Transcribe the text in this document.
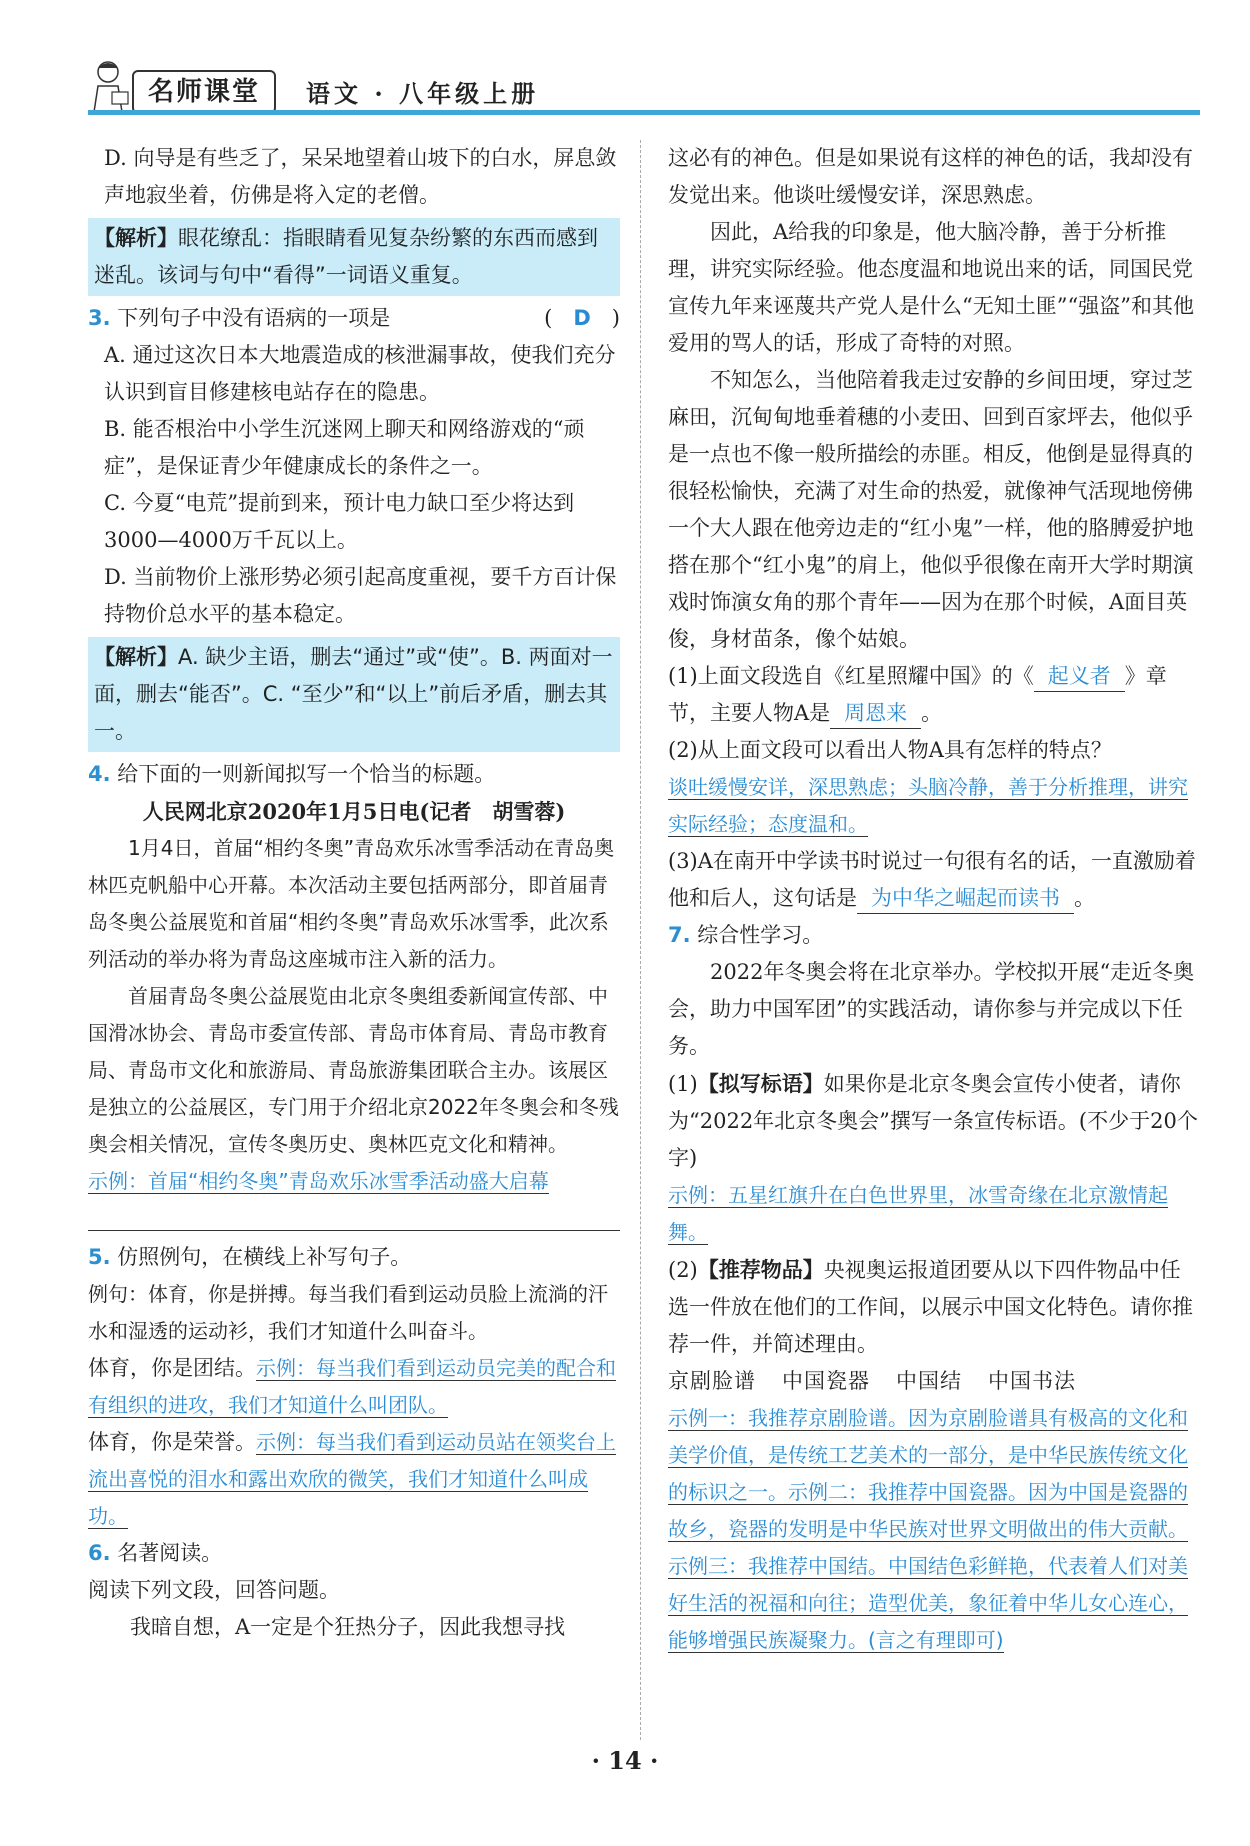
名师课堂	语文 · 八年级上册

D. 向导是有些乏了，呆呆地望着山坡下的白水，屏息敛声地寂坐着，仿佛是将入定的老僧。

【解析】眼花缭乱：指眼睛看见复杂纷繁的东西而感到迷乱。该词与句中“看得”一词语义重复。

3. 下列句子中没有语病的一项是	(　D　)

A. 通过这次日本大地震造成的核泄漏事故，使我们充分认识到盲目修建核电站存在的隐患。

B. 能否根治中小学生沉迷网上聊天和网络游戏的“顽症”，是保证青少年健康成长的条件之一。

C. 今夏“电荒”提前到来，预计电力缺口至少将达到3000—4000万千瓦以上。

D. 当前物价上涨形势必须引起高度重视，要千方百计保持物价总水平的基本稳定。

【解析】A. 缺少主语，删去“通过”或“使”。B. 两面对一面，删去“能否”。C. “至少”和“以上”前后矛盾，删去其一。

4. 给下面的一则新闻拟写一个恰当的标题。

人民网北京2020年1月5日电(记者　胡雪蓉)

1月4日，首届“相约冬奥”青岛欢乐冰雪季活动在青岛奥林匹克帆船中心开幕。本次活动主要包括两部分，即首届青岛冬奥公益展览和首届“相约冬奥”青岛欢乐冰雪季，此次系列活动的举办将为青岛这座城市注入新的活力。

首届青岛冬奥公益展览由北京冬奥组委新闻宣传部、中国滑冰协会、青岛市委宣传部、青岛市体育局、青岛市教育局、青岛市文化和旅游局、青岛旅游集团联合主办。该展区是独立的公益展区，专门用于介绍北京2022年冬奥会和冬残奥会相关情况，宣传冬奥历史、奥林匹克文化和精神。

示例：首届“相约冬奥”青岛欢乐冰雪季活动盛大启幕

5. 仿照例句，在横线上补写句子。

例句：体育，你是拼搏。每当我们看到运动员脸上流淌的汗水和湿透的运动衫，我们才知道什么叫奋斗。

体育，你是团结。示例：每当我们看到运动员完美的配合和有组织的进攻，我们才知道什么叫团队。

体育，你是荣誉。示例：每当我们看到运动员站在领奖台上流出喜悦的泪水和露出欢欣的微笑，我们才知道什么叫成功。

6. 名著阅读。

阅读下列文段，回答问题。

我暗自想，A一定是个狂热分子，因此我想寻找

这必有的神色。但是如果说有这样的神色的话，我却没有发觉出来。他谈吐缓慢安详，深思熟虑。

因此，A给我的印象是，他大脑冷静，善于分析推理，讲究实际经验。他态度温和地说出来的话，同国民党宣传九年来诬蔑共产党人是什么“无知土匪”“强盗”和其他爱用的骂人的话，形成了奇特的对照。

不知怎么，当他陪着我走过安静的乡间田埂，穿过芝麻田，沉甸甸地垂着穗的小麦田、回到百家坪去，他似乎是一点也不像一般所描绘的赤匪。相反，他倒是显得真的很轻松愉快，充满了对生命的热爱，就像神气活现地傍佛一个大人跟在他旁边走的“红小鬼”一样，他的胳膊爱护地搭在那个“红小鬼”的肩上，他似乎很像在南开大学时期演戏时饰演女角的那个青年——因为在那个时候，A面目英俊，身材苗条，像个姑娘。

(1)上面文段选自《红星照耀中国》的《 起义者 》章节，主要人物A是 周恩来 。

(2)从上面文段可以看出人物A具有怎样的特点？

谈吐缓慢安详，深思熟虑；头脑冷静，善于分析推理，讲究实际经验；态度温和。

(3)A在南开中学读书时说过一句很有名的话，一直激励着他和后人，这句话是 为中华之崛起而读书 。

7. 综合性学习。

2022年冬奥会将在北京举办。学校拟开展“走近冬奥会，助力中国军团”的实践活动，请你参与并完成以下任务。

(1)【拟写标语】如果你是北京冬奥会宣传小使者，请你为“2022年北京冬奥会”撰写一条宣传标语。(不少于20个字)

示例：五星红旗升在白色世界里，冰雪奇缘在北京激情起舞。

(2)【推荐物品】央视奥运报道团要从以下四件物品中任选一件放在他们的工作间，以展示中国文化特色。请你推荐一件，并简述理由。

京剧脸谱 中国瓷器 中国结 中国书法

示例一：我推荐京剧脸谱。因为京剧脸谱具有极高的文化和美学价值，是传统工艺美术的一部分，是中华民族传统文化的标识之一。示例二：我推荐中国瓷器。因为中国是瓷器的故乡，瓷器的发明是中华民族对世界文明做出的伟大贡献。示例三：我推荐中国结。中国结色彩鲜艳，代表着人们对美好生活的祝福和向往；造型优美，象征着中华儿女心连心，能够增强民族凝聚力。(言之有理即可)

· 14 ·
